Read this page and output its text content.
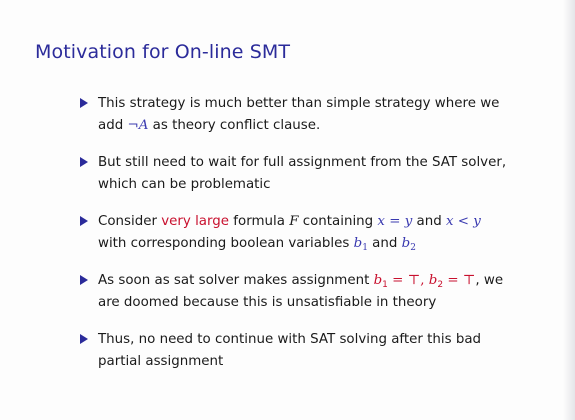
Motivation for On-line SMT
This strategy is much better than simple strategy where we
add ¬A as theory conflict clause.
But still need to wait for full assignment from the SAT solver,
which can be problematic
Consider very large formula F containing x = y and x < y
with corresponding boolean variables $b_1$ and $b_2$
As soon as sat solver makes assignment $b_1$ = ⊤, $b_2$ = ⊤, we
are doomed because this is unsatisfiable in theory
Thus, no need to continue with SAT solving after this bad
partial assignment
